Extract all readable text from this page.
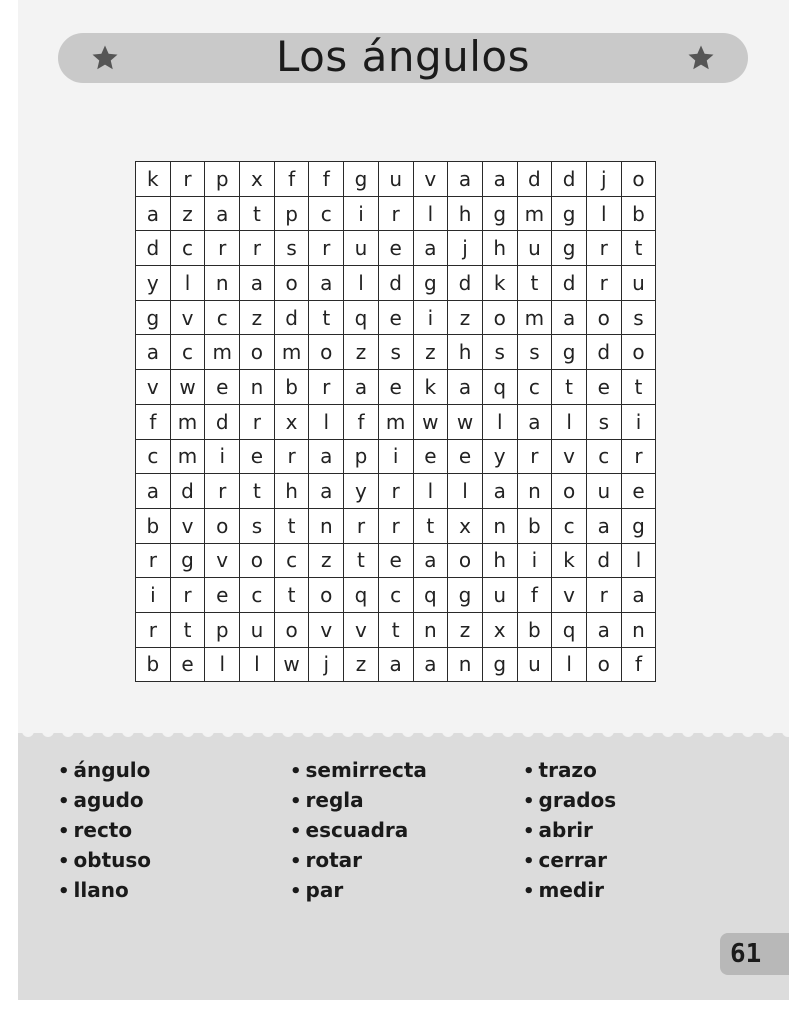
Los ángulos
k	r	p	x	f	f	g	u	v	a	a	d	d	j	o
a	z	a	t	p	c	i	r	l	h	g	m	g	l	b
d	c	r	r	s	r	u	e	a	j	h	u	g	r	t
y	l	n	a	o	a	l	d	g	d	k	t	d	r	u
g	v	c	z	d	t	q	e	i	z	o	m	a	o	s
a	c	m	o	m	o	z	s	z	h	s	s	g	d	o
v	w	e	n	b	r	a	e	k	a	q	c	t	e	t
f	m	d	r	x	l	f	m	w	w	l	a	l	s	i
c	m	i	e	r	a	p	i	e	e	y	r	v	c	r
a	d	r	t	h	a	y	r	l	l	a	n	o	u	e
b	v	o	s	t	n	r	r	t	x	n	b	c	a	g
r	g	v	o	c	z	t	e	a	o	h	i	k	d	l
i	r	e	c	t	o	q	c	q	g	u	f	v	r	a
r	t	p	u	o	v	v	t	n	z	x	b	q	a	n
b	e	l	l	w	j	z	a	a	n	g	u	l	o	f
• ángulo
• agudo
• recto
• obtuso
• llano
• semirrecta
• regla
• escuadra
• rotar
• par
• trazo
• grados
• abrir
• cerrar
• medir
61
